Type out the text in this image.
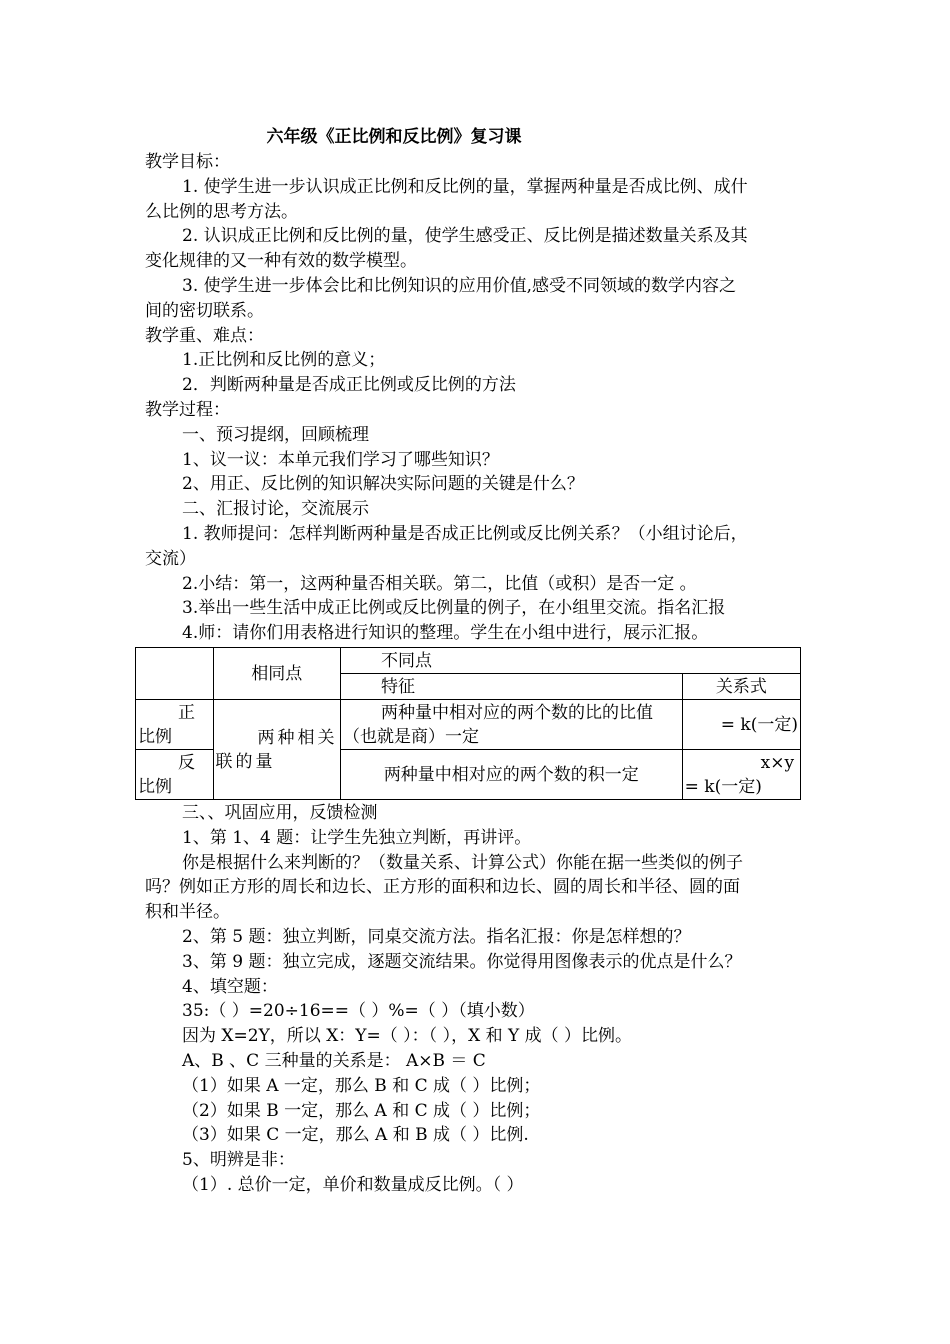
六年级《正比例和反比例》复习课
教学目标：
1. 使学生进一步认识成正比例和反比例的量，掌握两种量是否成比例、成什
么比例的思考方法。
2. 认识成正比例和反比例的量，使学生感受正、反比例是描述数量关系及其
变化规律的又一种有效的数学模型。
3. 使学生进一步体会比和比例知识的应用价值,感受不同领域的数学内容之
间的密切联系。
教学重、难点：
1.正比例和反比例的意义；
2．判断两种量是否成正比例或反比例的方法
教学过程：
一、预习提纲，回顾梳理
1、议一议：本单元我们学习了哪些知识？
2、用正、反比例的知识解决实际问题的关键是什么？
二、汇报讨论，交流展示
1. 教师提问：怎样判断两种量是否成正比例或反比例关系？（小组讨论后，
交流）
2.小结：第一，这两种量否相关联。第二，比值（或积）是否一定 。
3.举出一些生活中成正比例或反比例量的例子，在小组里交流。指名汇报
4.师：请你们用表格进行知识的整理。学生在小组中进行，展示汇报。
	相同点	不同点	
		特征	关系式

正比例	两种相关联的量	两种量中相对应的两个数的比的比值（也就是商）一定	= k(一定)

反比例		两种量中相对应的两个数的积一定	x×y= k(一定)
三、、巩固应用，反馈检测
1、第 1、4 题：让学生先独立判断，再讲评。
你是根据什么来判断的？（数量关系、计算公式）你能在据一些类似的例子
吗？例如正方形的周长和边长、正方形的面积和边长、圆的周长和半径、圆的面
积和半径。
2、第 5 题：独立判断，同桌交流方法。指名汇报：你是怎样想的？
3、第 9 题：独立完成，逐题交流结果。你觉得用图像表示的优点是什么？
4、填空题：
35:（ ）=20÷16==（ ）%=（ ）（填小数）
因为 X=2Y，所以 X：Y=（ ）：（ ），X 和 Y 成（ ）比例。
A、B 、C 三种量的关系是： A×B ＝ C
（1）如果 A 一定，那么 B 和 C 成（ ）比例；
（2）如果 B 一定，那么 A 和 C 成（ ）比例；
（3）如果 C 一定，那么 A 和 B 成（ ）比例.
5、明辨是非：
（1）. 总价一定，单价和数量成反比例。（ ）
